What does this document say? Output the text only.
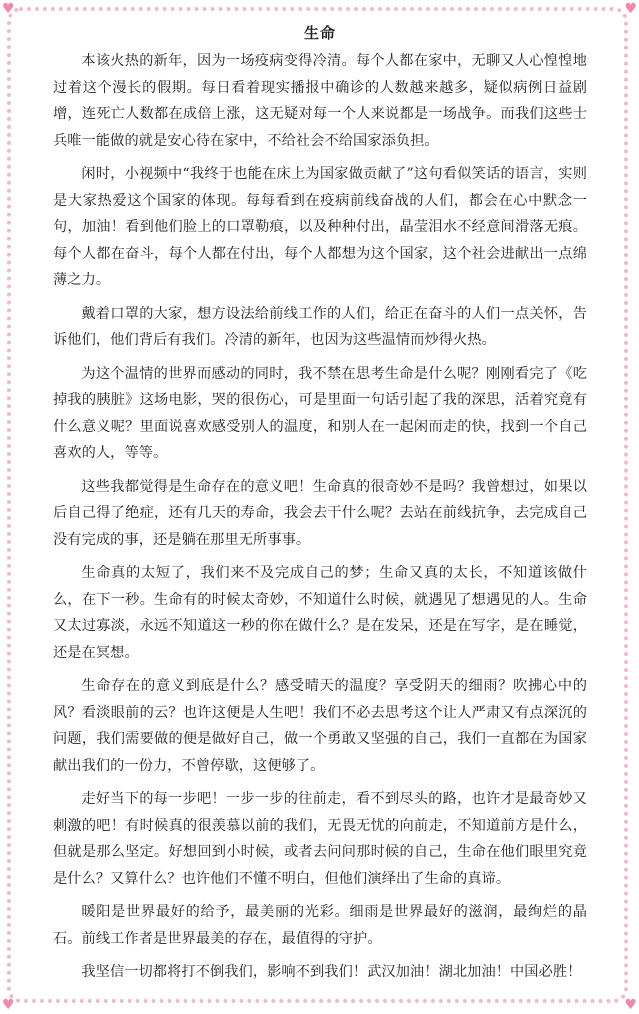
♥	♥
♥	♥
生命

本该火热的新年，因为一场疫病变得冷清。每个人都在家中，无聊又人心惶惶地过着这个漫长的假期。每日看着现实播报中确诊的人数越来越多，疑似病例日益剧增，连死亡人数都在成倍上涨，这无疑对每一个人来说都是一场战争。而我们这些士兵唯一能做的就是安心待在家中，不给社会不给国家添负担。

闲时，小视频中“我终于也能在床上为国家做贡献了”这句看似笑话的语言，实则是大家热爱这个国家的体现。每每看到在疫病前线奋战的人们，都会在心中默念一句，加油！看到他们脸上的口罩勒痕，以及种种付出，晶莹泪水不经意间滑落无痕。每个人都在奋斗，每个人都在付出，每个人都想为这个国家，这个社会进献出一点绵薄之力。

戴着口罩的大家，想方设法给前线工作的人们，给正在奋斗的人们一点关怀，告诉他们，他们背后有我们。冷清的新年，也因为这些温情而炒得火热。

为这个温情的世界而感动的同时，我不禁在思考生命是什么呢？刚刚看完了《吃掉我的胰脏》这场电影，哭的很伤心，可是里面一句话引起了我的深思，活着究竟有什么意义呢？里面说喜欢感受别人的温度，和别人在一起闲而走的快，找到一个自己喜欢的人，等等。

这些我都觉得是生命存在的意义吧！生命真的很奇妙不是吗？我曾想过，如果以后自己得了绝症，还有几天的寿命，我会去干什么呢？去站在前线抗争，去完成自己没有完成的事，还是躺在那里无所事事。

生命真的太短了，我们来不及完成自己的梦；生命又真的太长，不知道该做什么，在下一秒。生命有的时候太奇妙，不知道什么时候，就遇见了想遇见的人。生命又太过寡淡，永远不知道这一秒的你在做什么？是在发呆，还是在写字，是在睡觉，还是在冥想。

生命存在的意义到底是什么？感受晴天的温度？享受阴天的细雨？吹拂心中的风？看淡眼前的云？也许这便是人生吧！我们不必去思考这个让人严肃又有点深沉的问题，我们需要做的便是做好自己，做一个勇敢又坚强的自己，我们一直都在为国家献出我们的一份力，不曾停歇，这便够了。

走好当下的每一步吧！一步一步的往前走，看不到尽头的路，也许才是最奇妙又刺激的吧！有时候真的很羡慕以前的我们，无畏无忧的向前走，不知道前方是什么，但就是那么坚定。好想回到小时候，或者去问问那时候的自己，生命在他们眼里究竟是什么？又算什么？也许他们不懂不明白，但他们演绎出了生命的真谛。

暖阳是世界最好的给予，最美丽的光彩。细雨是世界最好的滋润，最绚烂的晶石。前线工作者是世界最美的存在，最值得的守护。

我坚信一切都将打不倒我们，影响不到我们！武汉加油！湖北加油！中国必胜！
